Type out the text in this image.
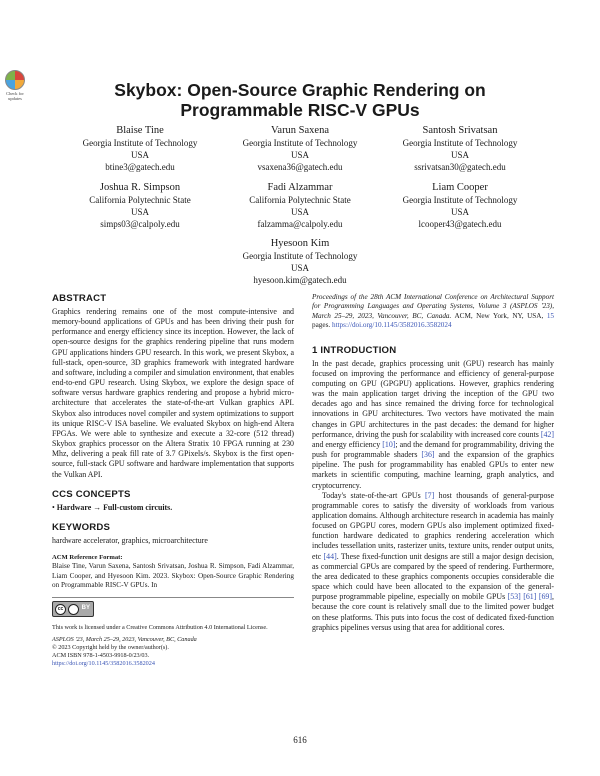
Check for updates	Skybox: Open-Source Graphic Rendering on Programmable RISC-V GPUs
Blaise Tine
Georgia Institute of Technology
USA
btine3@gatech.edu
Varun Saxena
Georgia Institute of Technology
USA
vsaxena36@gatech.edu
Santosh Srivatsan
Georgia Institute of Technology
USA
ssrivatsan30@gatech.edu
Joshua R. Simpson
California Polytechnic State
USA
simps03@calpoly.edu
Fadi Alzammar
California Polytechnic State
USA
falzamma@calpoly.edu
Liam Cooper
Georgia Institute of Technology
USA
lcooper43@gatech.edu
Hyesoon Kim
Georgia Institute of Technology
USA
hyesoon.kim@gatech.edu
ABSTRACT

Graphics rendering remains one of the most compute-intensive and memory-bound applications of GPUs and has been driving their push for performance and energy efficiency since its inception. However, the lack of open-source designs for the graphics rendering pipeline that runs modern GPU applications hinders GPU research. In this work, we present Skybox, a full-stack, open-source, 3D graphics framework with integrated hardware and software, including a compiler and simulation environment, that enables end-to-end GPU research. Using Skybox, we explore the design space of software versus hardware graphics rendering and propose a hybrid micro-architecture that accelerates the state-of-the-art Vulkan graphics API. Skybox also introduces novel compiler and system optimizations to support its unique RISC-V ISA baseline. We evaluated Skybox on high-end Altera FPGAs. We were able to synthesize and execute a 32-core (512 thread) Skybox graphics processor on the Altera Stratix 10 FPGA running at 230 Mhz, delivering a peak fill rate of 3.7 GPixels/s. Skybox is the first open-source, full-stack GPU software and hardware implementation that supports the Vulkan API.

CCS CONCEPTS

• Hardware → Full-custom circuits.

KEYWORDS

hardware accelerator, graphics, microarchitecture

ACM Reference Format:

Blaise Tine, Varun Saxena, Santosh Srivatsan, Joshua R. Simpson, Fadi Alzammar, Liam Cooper, and Hyesoon Kim. 2023. Skybox: Open-Source Graphic Rendering on Programmable RISC-V GPUs. In

cc	BY
This work is licensed under a Creative Commons Attribution 4.0 International License.
ASPLOS '23, March 25–29, 2023, Vancouver, BC, Canada
© 2023 Copyright held by the owner/author(s).
ACM ISBN 978-1-4503-9918-0/23/03.
https://doi.org/10.1145/3582016.3582024

Proceedings of the 28th ACM International Conference on Architectural Support for Programming Languages and Operating Systems, Volume 3 (ASPLOS '23), March 25–29, 2023, Vancouver, BC, Canada. ACM, New York, NY, USA, 15 pages. https://doi.org/10.1145/3582016.3582024

1 INTRODUCTION

In the past decade, graphics processing unit (GPU) research has mainly focused on improving the performance and efficiency of general-purpose computing on GPU (GPGPU) applications. However, graphics rendering was the main application target driving the inception of the GPU two decades ago and has since remained the driving force for technological innovations in GPU architectures. Two vectors have motivated the main changes in GPU architectures in the past decades: the demand for higher performance, driving the push for scalability with increased core counts [42] and energy efficiency [10]; and the demand for programmability, driving the push for programmable shaders [36] and the expansion of the graphics pipeline. The push for programmability has enabled GPUs to enter new markets in scientific computing, machine learning, graph analytics, and cryptocurrency.

Today's state-of-the-art GPUs [7] host thousands of general-purpose programmable cores to satisfy the diversity of workloads from various application domains. Although architecture research in academia has mainly focused on GPGPU cores, modern GPUs also implement optimized fixed-function hardware dedicated to graphics rendering acceleration which includes tessellation units, rasterizer units, texture units, render output units, etc [44]. These fixed-function unit designs are still a major design decision, as commercial GPUs are compared by the speed of rendering. Furthermore, the area dedicated to these graphics components occupies considerable die space which could have been allocated to the expansion of the general-purpose programmable pipeline, especially on mobile GPUs [53] [61] [69], because the core count is relatively small due to the limited power budget on these platforms. This puts into focus the cost of dedicated fixed-function graphics pipelines versus using that area for additional cores.

616
